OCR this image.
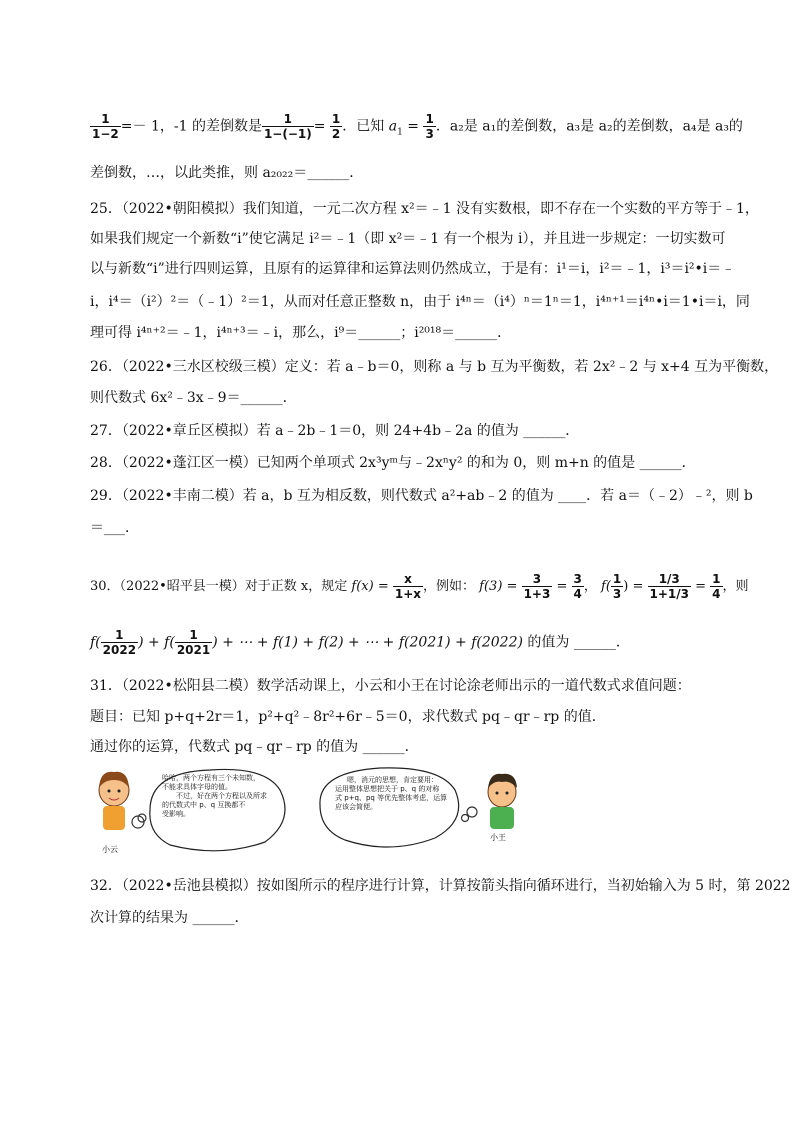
$\frac{1}{1-2} =- 1$，-1 的差倒数是 $\frac{1}{1-(-1)} = \frac{1}{2}$ ．已知 $a_1 = \frac{1}{3}$ ．a₂是 a₁的差倒数，a₃是 a₂的差倒数，a₄是 a₃的
差倒数，…，以此类推，则 a₂₀₂₂＝______．
25．（2022•朝阳模拟）我们知道，一元二次方程 x²＝﹣1 没有实数根，即不存在一个实数的平方等于﹣1，
如果我们规定一个新数“i”使它满足 i²＝﹣1（即 x²＝﹣1 有一个根为 i），并且进一步规定：一切实数可
以与新数“i”进行四则运算，且原有的运算律和运算法则仍然成立，于是有：i¹＝i，i²＝﹣1，i³＝i²•i＝﹣
i，i⁴＝（i²）²＝（﹣1）²＝1，从而对任意正整数 n，由于 i⁴ⁿ＝（i⁴）ⁿ＝1ⁿ＝1，i⁴ⁿ⁺¹＝i⁴ⁿ•i＝1•i＝i，同
理可得 i⁴ⁿ⁺²＝﹣1，i⁴ⁿ⁺³＝﹣i，那么，i⁹＝______；i²⁰¹⁸＝______．
26．（2022•三水区校级三模）定义：若 a﹣b＝0，则称 a 与 b 互为平衡数，若 2x²﹣2 与 x+4 互为平衡数，
则代数式 6x²﹣3x﹣9＝______．
27．（2022•章丘区模拟）若 a﹣2b﹣1＝0，则 24+4b﹣2a 的值为 ______．
28．（2022•蓬江区一模）已知两个单项式 2x³yᵐ与﹣2xⁿy² 的和为 0，则 m+n 的值是 ______．
29．（2022•丰南二模）若 a，b 互为相反数，则代数式 a²+ab﹣2 的值为 ____．若 a＝（﹣2）﹣²，则 b
＝___．
30．（2022•昭平县一模）对于正数 x，规定 $f(x) = \frac{x}{1+x}$ ，例如： $f(3) = \frac{3}{1+3} = \frac{3}{4}$ ， $f( \frac{1}{3}$ ) = $\frac{1/3}{1+1/3} = \frac{1}{4}$ ，则
$f( \frac{1}{2022}$ ) + $f( \frac{1}{2021}$ ) + ⋯ + f(1) + f(2) + ⋯ + f(2021) + f(2022) 的值为 ______．
31．（2022•松阳县二模）数学活动课上，小云和小王在讨论涂老师出示的一道代数式求值问题：
题目：已知 p+q+2r＝1，p²+q²﹣8r²+6r﹣5＝0，求代数式 pq﹣qr﹣rp 的值．
通过你的运算，代数式 pq﹣qr﹣rp 的值为 ______．
哈哈，两个方程有三个未知数，
不能求具体字母的值。
不过，好在两个方程以及所求
的代数式中 p、q 互换都不
受影响。
嗯，消元的思想，肯定要用：
运用整体思想把关于 p、q 的对称
式 p+q、pq 等优先整体考虑，运算
应该会简便。
小云
小王
32．（2022•岳池县模拟）按如图所示的程序进行计算，计算按箭头指向循环进行，当初始输入为 5 时，第 2022
次计算的结果为 ______．
